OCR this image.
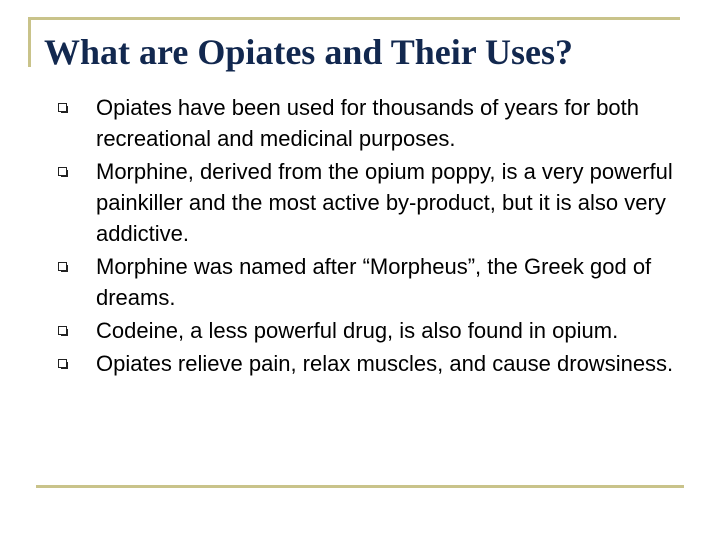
What are Opiates and Their Uses?
Opiates have been used for thousands of years for both recreational and medicinal purposes.
Morphine, derived from the opium poppy, is a very powerful painkiller and the most active by-product, but it is also very addictive.
Morphine was named after “Morpheus”, the Greek god of dreams.
Codeine, a less powerful drug, is also found in opium.
Opiates relieve pain, relax muscles, and cause drowsiness.
